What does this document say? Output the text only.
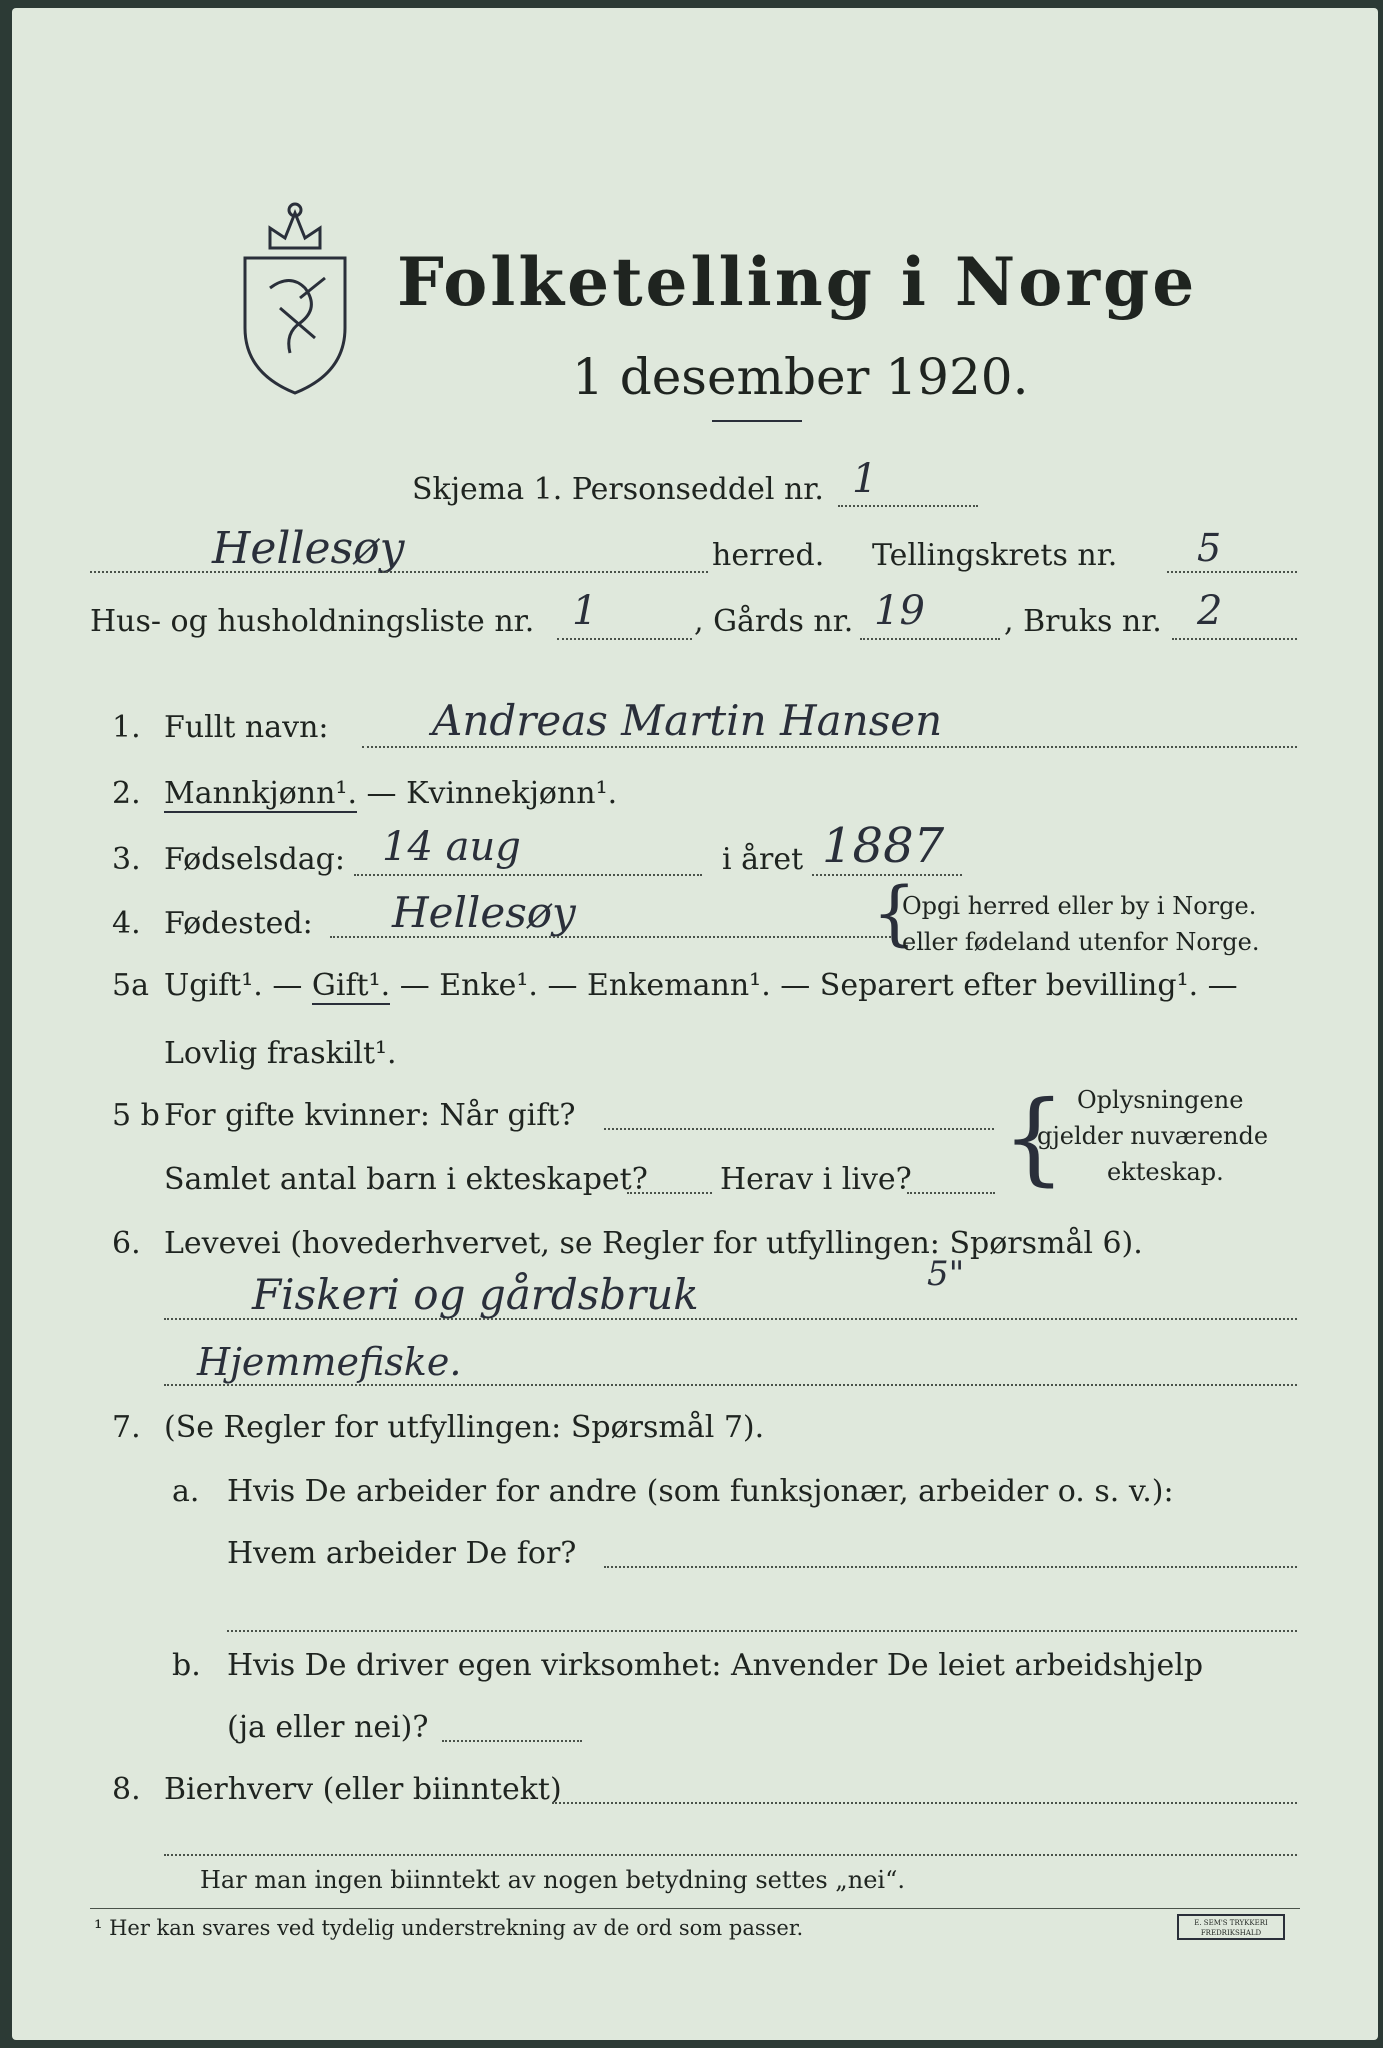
Folketelling i Norge
1 desember 1920.
Skjema 1. Personseddel nr. 1
Hellesøy	herred. Tellingskrets nr. 5
Hus- og husholdningsliste nr. 1	, Gårds nr. 19	, Bruks nr. 2
1. Fullt navn: Andreas Martin Hansen
2. Mannkjønn¹. — Kvinnekjønn¹.
3. Fødselsdag: 14 aug	i året 1887
4. Fødested: Hellesøy	{
Opgi herred eller by i Norge.
eller fødeland utenfor Norge.
5a Ugift¹. — Gift¹. — Enke¹. — Enkemann¹. — Separert efter bevilling¹. —
Lovlig fraskilt¹.
5 b For gifte kvinner: Når gift?
Samlet antal barn i ekteskapet? Herav i live? { Oplysningene
gjelder nuværende
ekteskap.
6. Levevei (hovederhvervet, se Regler for utfyllingen: Spørsmål 6).
Fiskeri og gårdsbruk	5"
Hjemmefiske.
7. (Se Regler for utfyllingen: Spørsmål 7).
a. Hvis De arbeider for andre (som funksjonær, arbeider o. s. v.):
Hvem arbeider De for?
b. Hvis De driver egen virksomhet: Anvender De leiet arbeidshjelp
(ja eller nei)?
8. Bierhverv (eller biinntekt)
Har man ingen biinntekt av nogen betydning settes „nei“.
¹ Her kan svares ved tydelig understrekning av de ord som passer.	E. SEM'S TRYKKERI FREDRIKSHALD
